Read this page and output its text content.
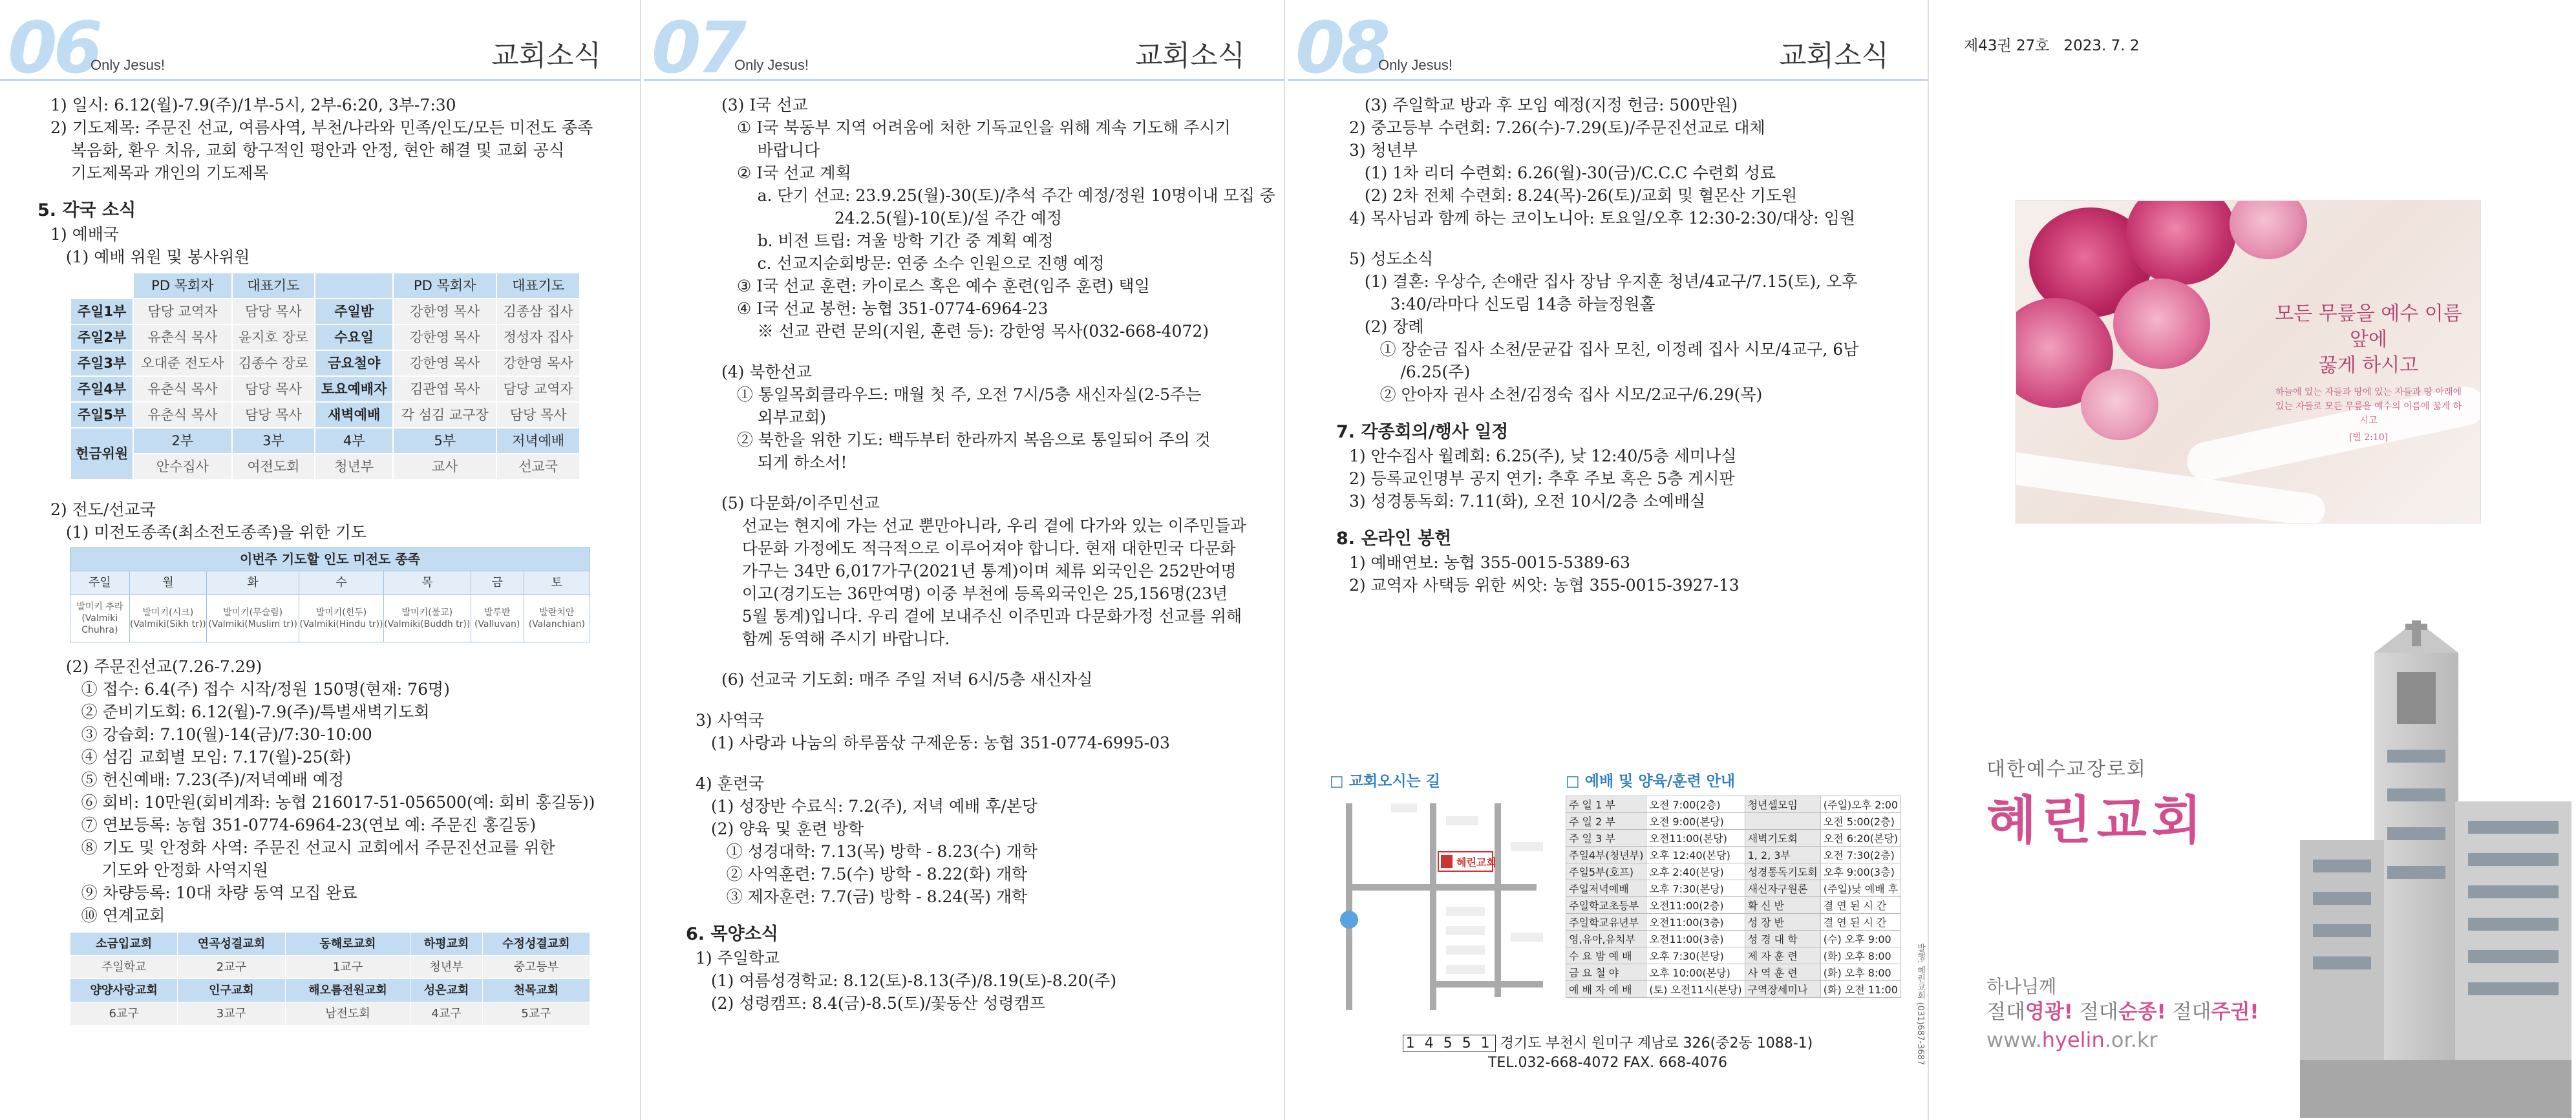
06
Only Jesus!	교회소식
1) 일시: 6.12(월)-7.9(주)/1부-5시, 2부-6:20, 3부-7:30
2) 기도제목: 주문진 선교, 여름사역, 부천/나라와 민족/인도/모든 미전도 종족
복음화, 환우 치유, 교회 항구적인 평안과 안정, 현안 해결 및 교회 공식
기도제목과 개인의 기도제목
5. 각국 소식
1) 예배국
(1) 예배 위원 및 봉사위원
	PD 목회자	대표기도		PD 목회자	대표기도
주일1부	담당 교역자	담당 목사	주일밤	강한영 목사	김종삼 집사
주일2부	유춘식 목사	윤지호 장로	수요일	강한영 목사	정성자 집사
주일3부	오대준 전도사	김종수 장로	금요철야	강한영 목사	강한영 목사
주일4부	유춘식 목사	담당 목사	토요예배자	김관엽 목사	담당 교역자
주일5부	유춘식 목사	담당 목사	새벽예배	각 섬김 교구장	담당 목사
헌금위원	2부	3부	4부	5부	저녁예배
	안수집사	여전도회	청년부	교사	선교국
2) 전도/선교국
(1) 미전도종족(최소전도종족)을 위한 기도
이번주 기도할 인도 미전도 종족						
주일	월	화	수	목	금	토
발미키 추라(Valmiki Chuhra)	발미키(시크)(Valmiki(Sikh tr))	발미키(무슬림)(Valmiki(Muslim tr))	발미키(힌두)(Valmiki(Hindu tr))	발미키(불교)(Valmiki(Buddh tr))	발루반(Valluvan)	발란치안(Valanchian)
(2) 주문진선교(7.26-7.29)
① 접수: 6.4(주) 접수 시작/정원 150명(현재: 76명)
② 준비기도회: 6.12(월)-7.9(주)/특별새벽기도회
③ 강습회: 7.10(월)-14(금)/7:30-10:00
④ 섬김 교회별 모임: 7.17(월)-25(화)
⑤ 헌신예배: 7.23(주)/저녁예배 예정
⑥ 회비: 10만원(회비계좌: 농협 216017-51-056500(예: 회비 홍길동))
⑦ 연보등록: 농협 351-0774-6964-23(연보 예: 주문진 홍길동)
⑧ 기도 및 안정화 사역: 주문진 선교시 교회에서 주문진선교를 위한
기도와 안정화 사역지원
⑨ 차량등록: 10대 차량 동역 모집 완료
⑩ 연계교회
소금입교회	연곡성결교회	동해로교회	하평교회	수정성결교회
주일학교	2교구	1교구	청년부	중고등부
양양사랑교회	인구교회	해오름전원교회	성은교회	천목교회
6교구	3교구	남전도회	4교구	5교구
07
Only Jesus!	교회소식
(3) I국 선교
① I국 북동부 지역 어려움에 처한 기독교인을 위해 계속 기도해 주시기
바랍니다
② I국 선교 계획
a. 단기 선교: 23.9.25(월)-30(토)/추석 주간 예정/정원 10명이내 모집 중
24.2.5(월)-10(토)/설 주간 예정
b. 비전 트립: 겨울 방학 기간 중 계획 예정
c. 선교지순회방문: 연중 소수 인원으로 진행 예정
③ I국 선교 훈련: 카이로스 혹은 예수 훈련(임주 훈련) 택일
④ I국 선교 봉헌: 농협 351-0774-6964-23
※ 선교 관련 문의(지원, 훈련 등): 강한영 목사(032-668-4072)
(4) 북한선교
① 통일목회클라우드: 매월 첫 주, 오전 7시/5층 새신자실(2-5주는
외부교회)
② 북한을 위한 기도: 백두부터 한라까지 복음으로 통일되어 주의 것
되게 하소서!
(5) 다문화/이주민선교
선교는 현지에 가는 선교 뿐만아니라, 우리 곁에 다가와 있는 이주민들과
다문화 가정에도 적극적으로 이루어져야 합니다. 현재 대한민국 다문화
가구는 34만 6,017가구(2021년 통계)이며 체류 외국인은 252만여명
이고(경기도는 36만여명) 이중 부천에 등록외국인은 25,156명(23년
5월 통계)입니다. 우리 곁에 보내주신 이주민과 다문화가정 선교를 위해
함께 동역해 주시기 바랍니다.
(6) 선교국 기도회: 매주 주일 저녁 6시/5층 새신자실
3) 사역국
(1) 사랑과 나눔의 하루품삯 구제운동: 농협 351-0774-6995-03
4) 훈련국
(1) 성장반 수료식: 7.2(주), 저녁 예배 후/본당
(2) 양육 및 훈련 방학
① 성경대학: 7.13(목) 방학 - 8.23(수) 개학
② 사역훈련: 7.5(수) 방학 - 8.22(화) 개학
③ 제자훈련: 7.7(금) 방학 - 8.24(목) 개학
6. 목양소식
1) 주일학교
(1) 여름성경학교: 8.12(토)-8.13(주)/8.19(토)-8.20(주)
(2) 성령캠프: 8.4(금)-8.5(토)/꽃동산 성령캠프
08
Only Jesus!	교회소식
(3) 주일학교 방과 후 모임 예정(지정 헌금: 500만원)
2) 중고등부 수련회: 7.26(수)-7.29(토)/주문진선교로 대체
3) 청년부
(1) 1차 리더 수련회: 6.26(월)-30(금)/C.C.C 수련회 성료
(2) 2차 전체 수련회: 8.24(목)-26(토)/교회 및 혈몬산 기도원
4) 목사님과 함께 하는 코이노니아: 토요일/오후 12:30-2:30/대상: 임원
5) 성도소식
(1) 결혼: 우상수, 손애란 집사 장남 우지훈 청년/4교구/7.15(토), 오후
3:40/라마다 신도림 14층 하늘정원홀
(2) 장례
① 장순금 집사 소천/문균갑 집사 모친, 이정례 집사 시모/4교구, 6남
/6.25(주)
② 안아자 권사 소천/김정숙 집사 시모/2교구/6.29(목)
7. 각종회의/행사 일정
1) 안수집사 월례회: 6.25(주), 낮 12:40/5층 세미나실
2) 등록교인명부 공지 연기: 추후 주보 혹은 5층 게시판
3) 성경통독회: 7.11(화), 오전 10시/2층 소예배실
8. 온라인 봉헌
1) 예배연보: 농협 355-0015-5389-63
2) 교역자 사택등 위한 씨앗: 농협 355-0015-3927-13
□ 교회오시는 길
혜린교회
□ 예배 및 양육/훈련 안내
주 일 1 부	오전 7:00(2층)	청년셀모임	(주일)오후 2:00
주 일 2 부	오전 9:00(본당)		오전 5:00(2층)
주 일 3 부	오전11:00(본당)	새벽기도회	오전 6:20(본당)
주일4부(청년부)	오후 12:40(본당)	1, 2, 3부	오전 7:30(2층)
주일5부(호프)	오후 2:40(본당)	성경통독기도회	오후 9:00(3층)
주일저녁예배	오후 7:30(본당)	새신자구원론	(주일)낮 예배 후
주일학교초등부	오전11:00(2층)	확 신 반	결 연 된 시 간
주일학교유년부	오전11:00(3층)	성 장 반	결 연 된 시 간
영,유아,유치부	오전11:00(3층)	성 경 대 학	(수) 오후 9:00
수 요 밤 예 배	오후 7:30(본당)	제 자 훈 련	(화) 오후 8:00
금 요 철 야	오후 10:00(본당)	사 역 훈 련	(화) 오후 8:00
예 배 자 예 배	(토) 오전11시(본당)	구역장세미나	(화) 오전 11:00
1 4 5 5 1 경기도 부천시 원미구 계남로 326(중2동 1088-1)
TEL.032-668-4072 FAX. 668-4076	발행: 혜린교회 (031)687-3687
제43권 27호   2023. 7. 2
모든 무릎을 예수 이름 앞에
꿇게 하시고
하늘에 있는 자들과 땅에 있는 자들과 땅 아래에 있는 자들로 모든 무릎을 예수의 이름에 꿇게 하시고
[빌 2:10]
대한예수교장로회
혜린교회
하나님께
절대영광! 절대순종! 절대주권!
www.hyelin.or.kr
